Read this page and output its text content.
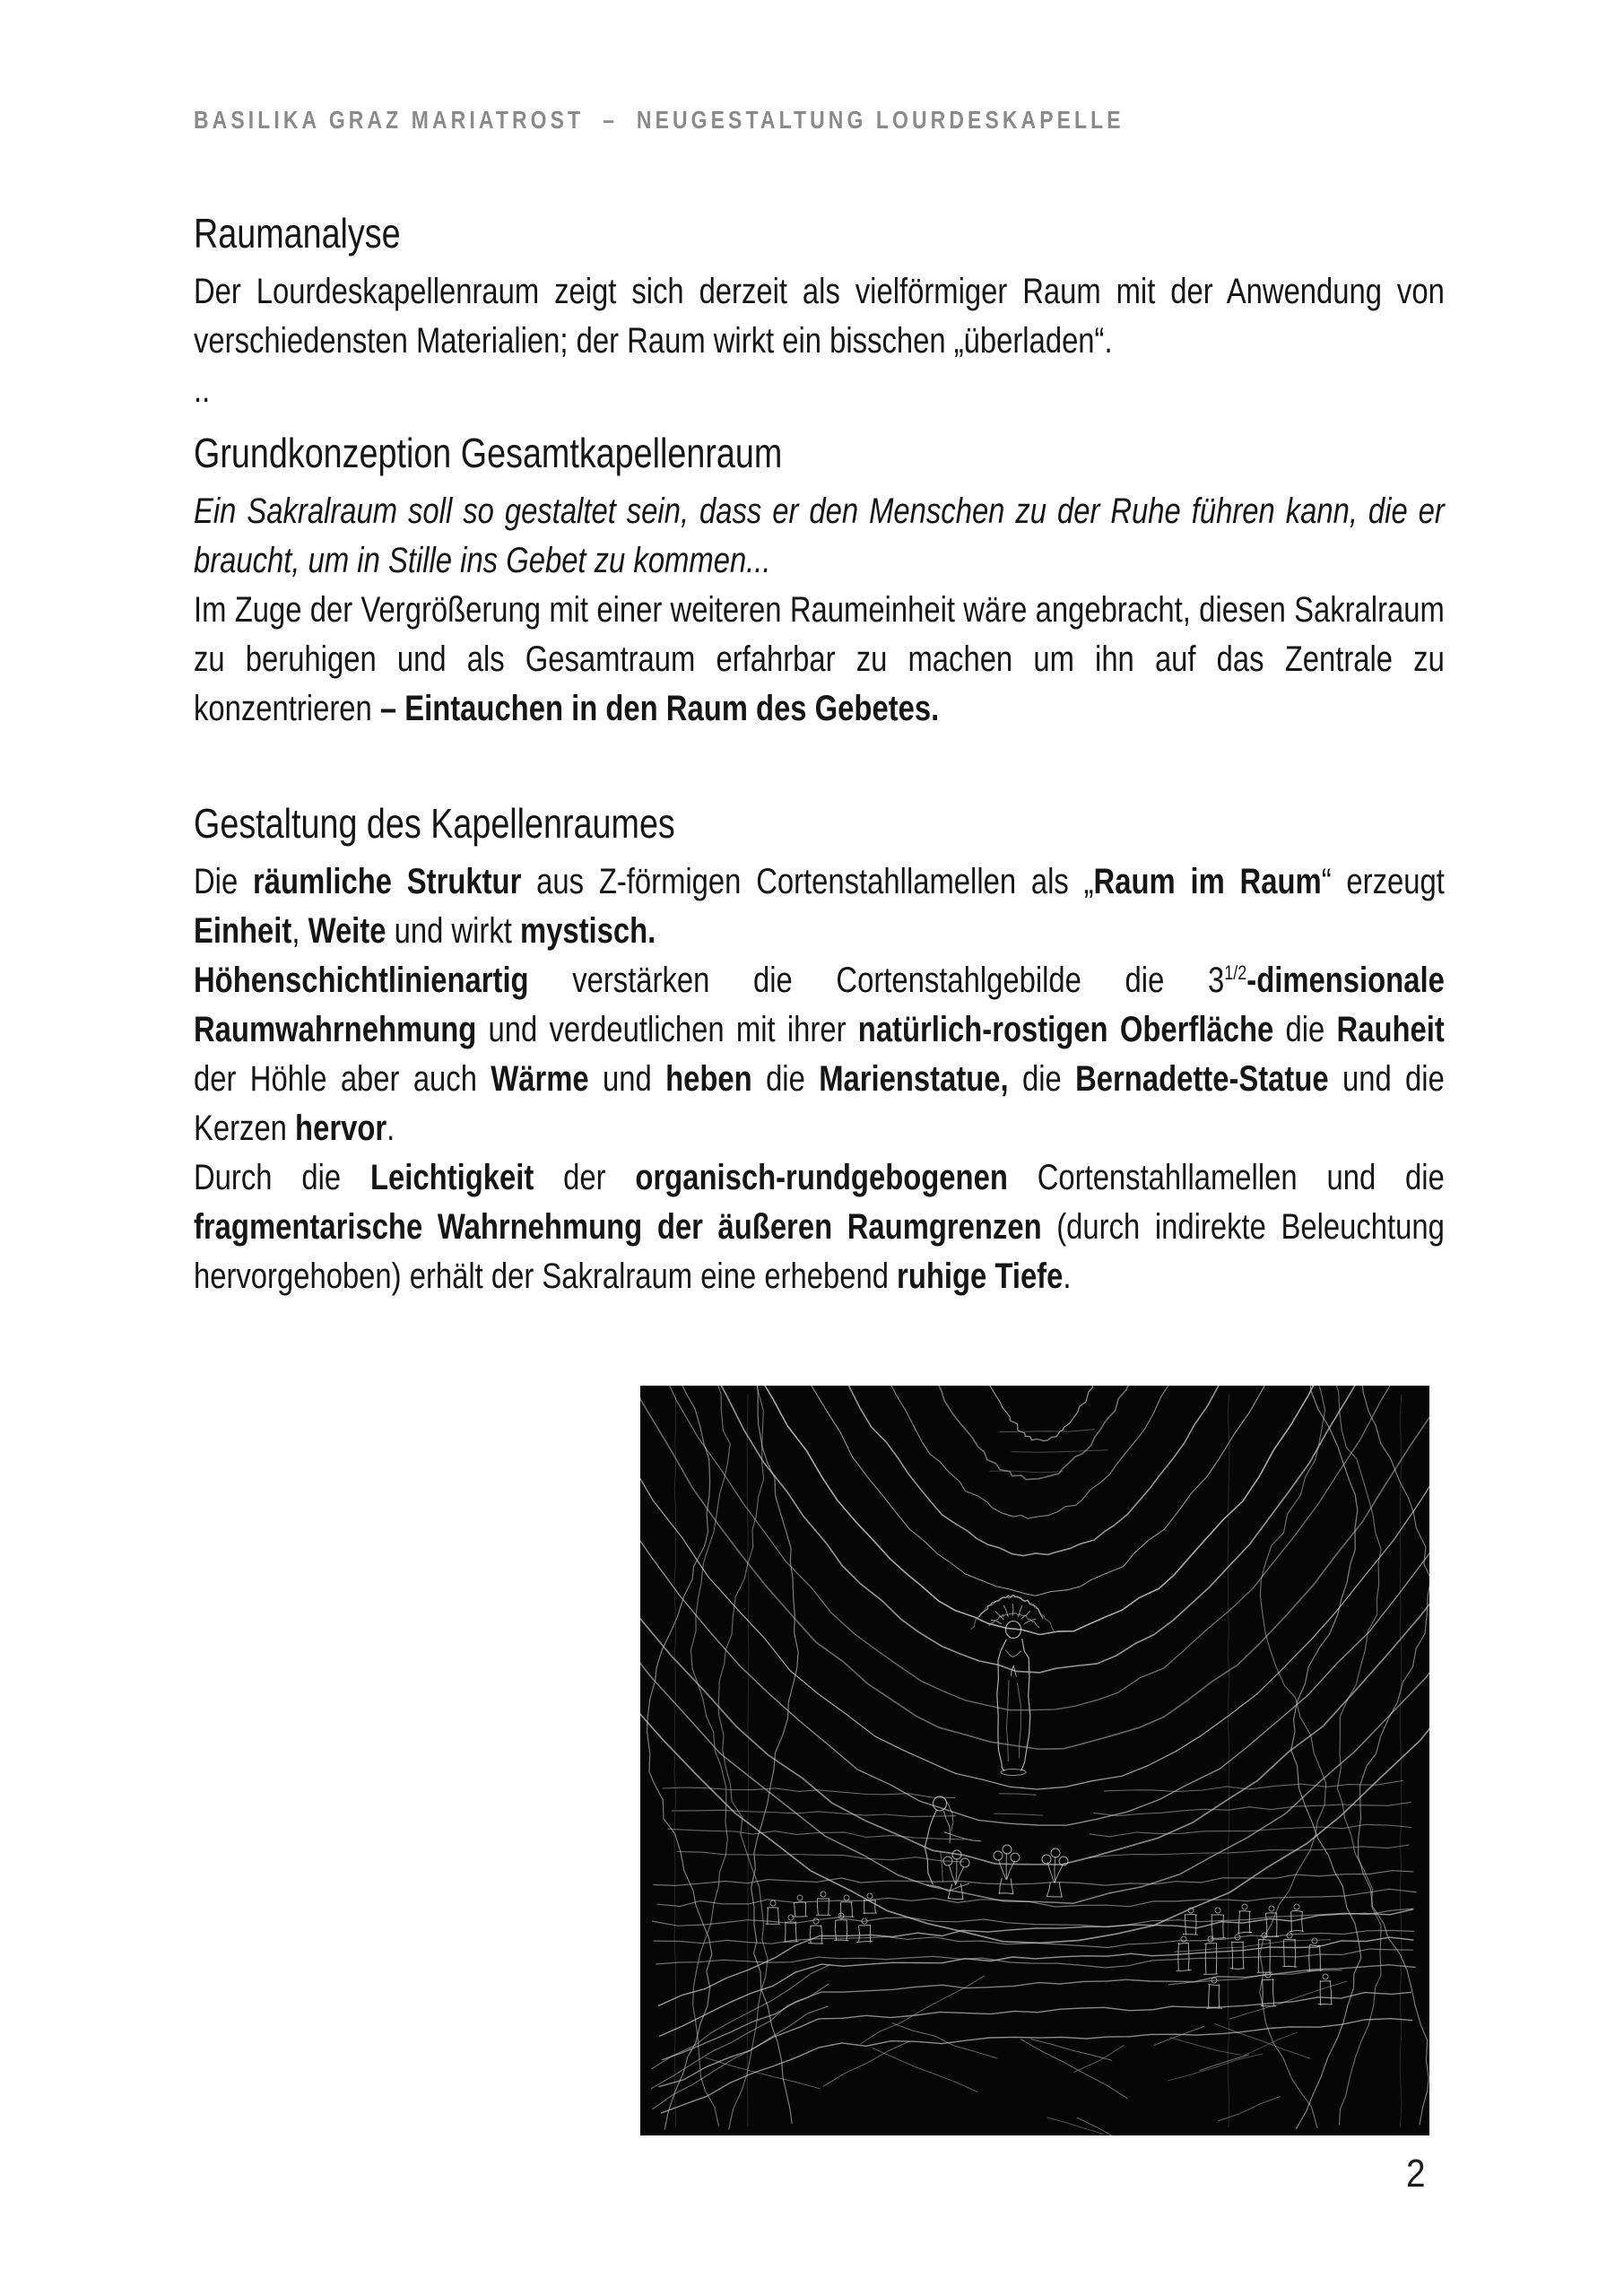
BASILIKA GRAZ MARIATROST  –  NEUGESTALTUNG LOURDESKAPELLE
Raumanalyse

Der Lourdeskapellenraum zeigt sich derzeit als vielförmiger Raum mit der Anwendung von verschiedensten Materialien; der Raum wirkt ein bisschen „überladen“.

..

Grundkonzeption Gesamtkapellenraum

Ein Sakralraum soll so gestaltet sein, dass er den Menschen zu der Ruhe führen kann, die er braucht, um in Stille ins Gebet zu kommen...

Im Zuge der Vergrößerung mit einer weiteren Raumeinheit wäre angebracht, diesen Sakralraum zu beruhigen und als Gesamtraum erfahrbar zu machen um ihn auf das Zentrale zu konzentrieren – Eintauchen in den Raum des Gebetes.

Gestaltung des Kapellenraumes

Die räumliche Struktur aus Z-förmigen Cortenstahllamellen als „Raum im Raum“ erzeugt Einheit, Weite und wirkt mystisch.

Höhenschichtlinienartig verstärken die Cortenstahlgebilde die $3^{1/2}$-dimensionale Raumwahrnehmung und verdeutlichen mit ihrer natürlich-rostigen Oberfläche die Rauheit der Höhle aber auch Wärme und heben die Marienstatue, die Bernadette-Statue und die Kerzen hervor.

Durch die Leichtigkeit der organisch-rundgebogenen Cortenstahllamellen und die fragmentarische Wahrnehmung der äußeren Raumgrenzen (durch indirekte Beleuchtung hervorgehoben) erhält der Sakralraum eine erhebend ruhige Tiefe.

2
